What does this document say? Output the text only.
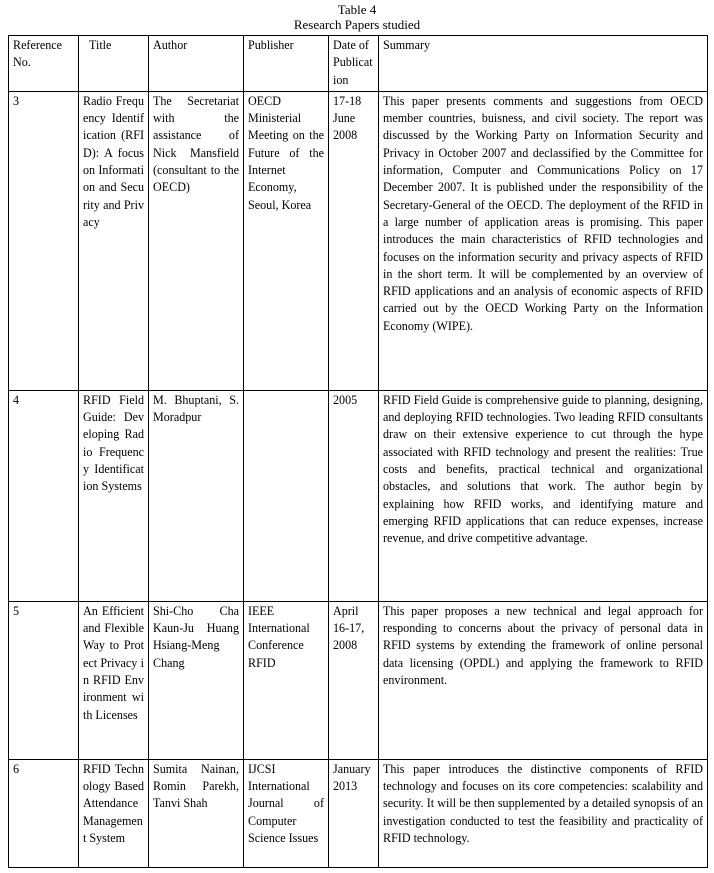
Table 4
Research Papers studied
Reference No.	Title	Author	Publisher	Date of Publication	Summary
3	Radio Frequency Identification (RFID): A focus on Information and Security and Privacy	The Secretariat with the assistance of Nick Mansfield (consultant to the OECD)	OECD Ministerial Meeting on the Future of the Internet Economy, Seoul, Korea	17-18 June 2008	This paper presents comments and suggestions from OECD member countries, buisness, and civil society. The report was discussed by the Working Party on Information Security and Privacy in October 2007 and declassified by the Committee for information, Computer and Communications Policy on 17 December 2007. It is published under the responsibility of the Secretary-General of the OECD. The deployment of the RFID in a large number of application areas is promising. This paper introduces the main characteristics of RFID technologies and focuses on the information security and privacy aspects of RFID in the short term. It will be complemented by an overview of RFID applications and an analysis of economic aspects of RFID carried out by the OECD Working Party on the Information Economy (WIPE).
4	RFID Field Guide: Developing Radio Frequency Identification Systems	M. Bhuptani, S. Moradpur		2005	RFID Field Guide is comprehensive guide to planning, designing, and deploying RFID technologies. Two leading RFID consultants draw on their extensive experience to cut through the hype associated with RFID technology and present the realities: True costs and benefits, practical technical and organizational obstacles, and solutions that work. The author begin by explaining how RFID works, and identifying mature and emerging RFID applications that can reduce expenses, increase revenue, and drive competitive advantage.
5	An Efficient and Flexible Way to Protect Privacy in RFID Environment with Licenses	Shi-Cho Cha Kaun-Ju Huang Hsiang-Meng Chang	IEEE International Conference RFID	April 16-17, 2008	This paper proposes a new technical and legal approach for responding to concerns about the privacy of personal data in RFID systems by extending the framework of online personal data licensing (OPDL) and applying the framework to RFID environment.
6	RFID Technology Based Attendance Management System	Sumita Nainan, Romin Parekh, Tanvi Shah	IJCSI International Journal of Computer Science Issues	January 2013	This paper introduces the distinctive components of RFID technology and focuses on its core competencies: scalability and security. It will be then supplemented by a detailed synopsis of an investigation conducted to test the feasibility and practicality of RFID technology.
